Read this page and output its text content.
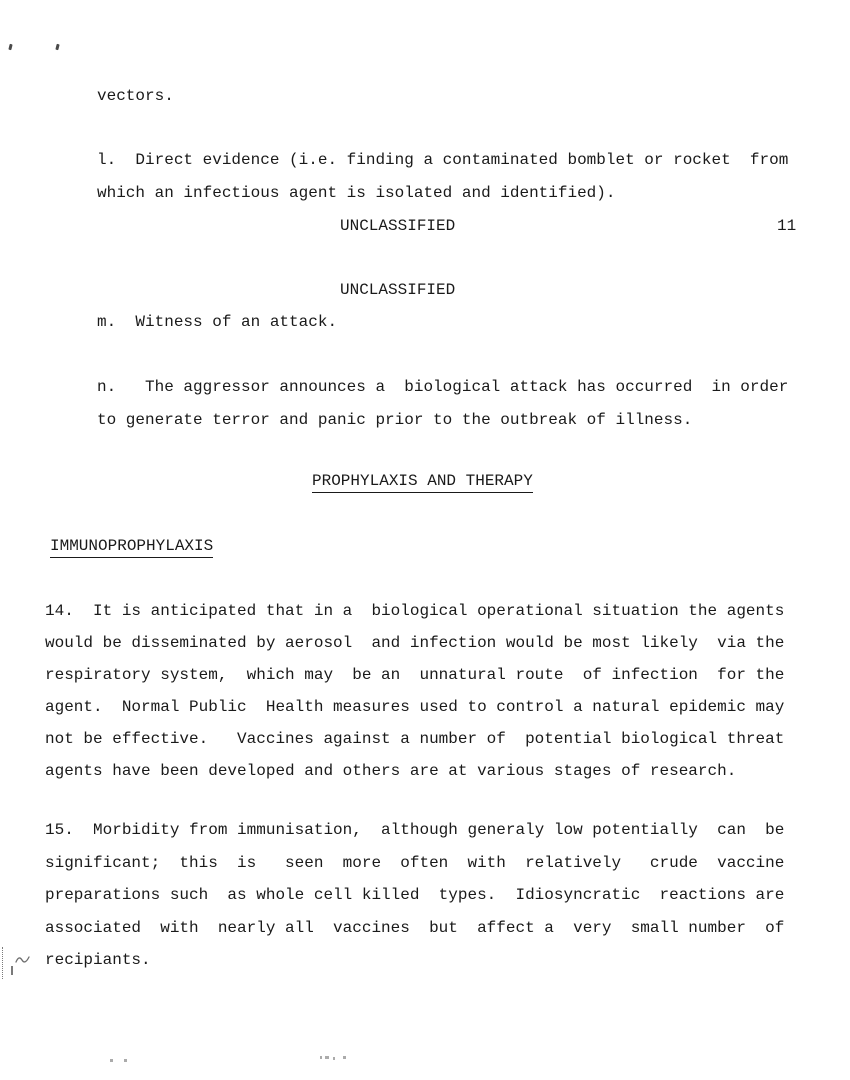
vectors.
l.  Direct evidence (i.e. finding a contaminated bomblet or rocket  from
which an infectious agent is isolated and identified).
UNCLASSIFIED	11
UNCLASSIFIED
m.  Witness of an attack.
n.   The aggressor announces a  biological attack has occurred  in order
to generate terror and panic prior to the outbreak of illness.
PROPHYLAXIS AND THERAPY
IMMUNOPROPHYLAXIS
14.  It is anticipated that in a  biological operational situation the agents
would be disseminated by aerosol  and infection would be most likely  via the
respiratory system,  which may  be an  unnatural route  of infection  for the
agent.  Normal Public  Health measures used to control a natural epidemic may
not be effective.   Vaccines against a number of  potential biological threat
agents have been developed and others are at various stages of research.
15.  Morbidity from immunisation,  although generaly low potentially  can  be
significant;  this  is   seen  more  often  with  relatively   crude  vaccine
preparations such  as whole cell killed  types.  Idiosyncratic  reactions are
associated  with  nearly all  vaccines  but  affect a  very  small number  of
recipiants.
